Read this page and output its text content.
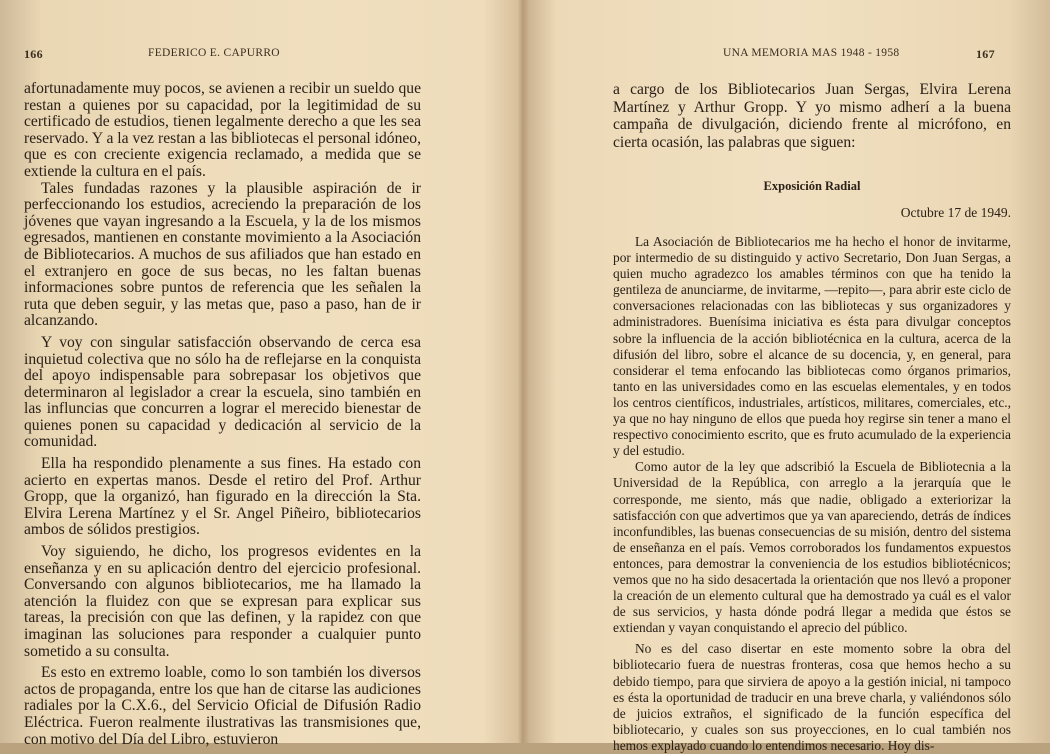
166	FEDERICO E. CAPURRO

afortunadamente muy pocos, se avienen a recibir un sueldo que restan a quienes por su capacidad, por la legitimidad de su certificado de estudios, tienen legalmente derecho a que les sea reservado. Y a la vez restan a las bibliotecas el personal idóneo, que es con creciente exigencia reclamado, a medida que se extiende la cultura en el país.

Tales fundadas razones y la plausible aspiración de ir perfeccionando los estudios, acreciendo la preparación de los jóvenes que vayan ingresando a la Escuela, y la de los mismos egresados, mantienen en constante movimiento a la Asociación de Bibliotecarios. A muchos de sus afiliados que han estado en el extranjero en goce de sus becas, no les faltan buenas informaciones sobre puntos de referencia que les señalen la ruta que deben seguir, y las metas que, paso a paso, han de ir alcanzando.

Y voy con singular satisfacción observando de cerca esa inquietud colectiva que no sólo ha de reflejarse en la conquista del apoyo indispensable para sobrepasar los objetivos que determinaron al legislador a crear la escuela, sino también en las influncias que concurren a lograr el merecido bienestar de quienes ponen su capacidad y dedicación al servicio de la comunidad.

Ella ha respondido plenamente a sus fines. Ha estado con acierto en expertas manos. Desde el retiro del Prof. Arthur Gropp, que la organizó, han figurado en la dirección la Sta. Elvira Lerena Martínez y el Sr. Angel Piñeiro, bibliotecarios ambos de sólidos prestigios.

Voy siguiendo, he dicho, los progresos evidentes en la enseñanza y en su aplicación dentro del ejercicio profesional. Conversando con algunos bibliotecarios, me ha llamado la atención la fluidez con que se expresan para explicar sus tareas, la precisión con que las definen, y la rapidez con que imaginan las soluciones para responder a cualquier punto sometido a su consulta.

Es esto en extremo loable, como lo son también los diversos actos de propaganda, entre los que han de citarse las audiciones radiales por la C.X.6., del Servicio Oficial de Difusión Radio Eléctrica. Fueron realmente ilustrativas las transmisiones que, con motivo del Día del Libro, estuvieron

UNA MEMORIA MAS 1948 - 1958	167

a cargo de los Bibliotecarios Juan Sergas, Elvira Lerena Martínez y Arthur Gropp. Y yo mismo adherí a la buena campaña de divulgación, diciendo frente al micrófono, en cierta ocasión, las palabras que siguen:

Exposición Radial
Octubre 17 de 1949.

La Asociación de Bibliotecarios me ha hecho el honor de invitarme, por intermedio de su distinguido y activo Secretario, Don Juan Sergas, a quien mucho agradezco los amables términos con que ha tenido la gentileza de anunciarme, de invitarme, —repito—, para abrir este ciclo de conversaciones relacionadas con las bibliotecas y sus organizadores y administradores. Buenísima iniciativa es ésta para divulgar conceptos sobre la influencia de la acción bibliotécnica en la cultura, acerca de la difusión del libro, sobre el alcance de su docencia, y, en general, para considerar el tema enfocando las bibliotecas como órganos primarios, tanto en las universidades como en las escuelas elementales, y en todos los centros científicos, industriales, artísticos, militares, comerciales, etc., ya que no hay ninguno de ellos que pueda hoy regirse sin tener a mano el respectivo conocimiento escrito, que es fruto acumulado de la experiencia y del estudio.

Como autor de la ley que adscribió la Escuela de Bibliotecnia a la Universidad de la República, con arreglo a la jerarquía que le corresponde, me siento, más que nadie, obligado a exteriorizar la satisfacción con que advertimos que ya van apareciendo, detrás de índices inconfundibles, las buenas consecuencias de su misión, dentro del sistema de enseñanza en el país. Vemos corroborados los fundamentos expuestos entonces, para demostrar la conveniencia de los estudios bibliotécnicos; vemos que no ha sido desacertada la orientación que nos llevó a proponer la creación de un elemento cultural que ha demostrado ya cuál es el valor de sus servicios, y hasta dónde podrá llegar a medida que éstos se extiendan y vayan conquistando el aprecio del público.

No es del caso disertar en este momento sobre la obra del bibliotecario fuera de nuestras fronteras, cosa que hemos hecho a su debido tiempo, para que sirviera de apoyo a la gestión inicial, ni tampoco es ésta la oportunidad de traducir en una breve charla, y valiéndonos sólo de juicios extraños, el significado de la función específica del bibliotecario, y cuales son sus proyecciones, en lo cual también nos hemos explayado cuando lo entendimos necesario. Hoy dis-
